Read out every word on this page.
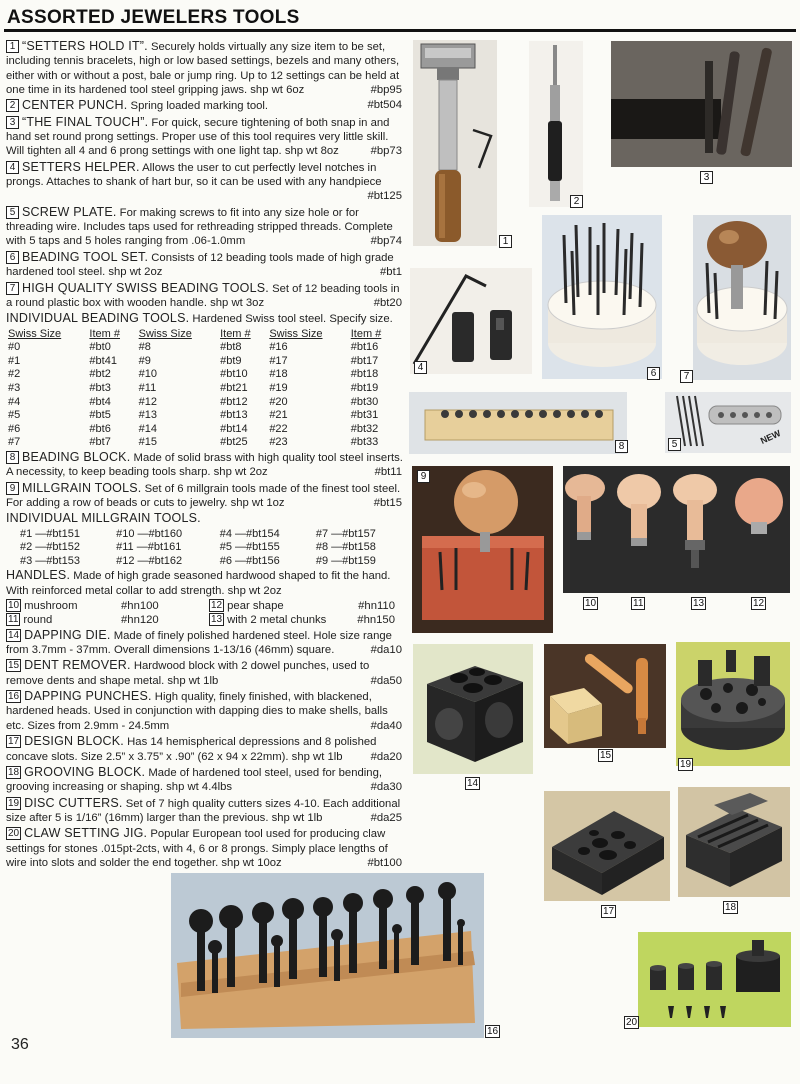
ASSORTED JEWELERS TOOLS
1 “SETTERS HOLD IT”. Securely holds virtually any size item to be set, including tennis bracelets, high or low based settings, bezels and many others, either with or without a post, bale or jump ring. Up to 12 settings can be held at one time in its hardened tool steel gripping jaws. shp wt 6oz	#bp95
2 CENTER PUNCH. Spring loaded marking tool.	#bt504
3 “THE FINAL TOUCH”. For quick, secure tightening of both snap in and hand set round prong settings. Proper use of this tool requires very little skill. Will tighten all 4 and 6 prong settings with one light tap. shp wt 8oz	#bp73
4 SETTERS HELPER. Allows the user to cut perfectly level notches in prongs. Attaches to shank of hart bur, so it can be used with any handpiece
#bt125
5 SCREW PLATE. For making screws to fit into any size hole or for threading wire. Includes taps used for rethreading stripped threads. Complete with 5 taps and 5 holes ranging from .06-1.0mm	#bp74
6 BEADING TOOL SET. Consists of 12 beading tools made of high grade hardened tool steel. shp wt 2oz	#bt1
7 HIGH QUALITY SWISS BEADING TOOLS. Set of 12 beading tools in a round plastic box with wooden handle. shp wt 3oz	#bt20
INDIVIDUAL BEADING TOOLS. Hardened Swiss tool steel. Specify size.
Swiss Size	Item #	Swiss Size	Item #	Swiss Size	Item #
#0	#bt0	#8	#bt8	#16	#bt16
#1	#bt41	#9	#bt9	#17	#bt17
#2	#bt2	#10	#bt10	#18	#bt18
#3	#bt3	#11	#bt21	#19	#bt19
#4	#bt4	#12	#bt12	#20	#bt30
#5	#bt5	#13	#bt13	#21	#bt31
#6	#bt6	#14	#bt14	#22	#bt32
#7	#bt7	#15	#bt25	#23	#bt33
8 BEADING BLOCK. Made of solid brass with high quality tool steel inserts. A necessity, to keep beading tools sharp. shp wt 2oz	#bt11
9 MILLGRAIN TOOLS. Set of 6 millgrain tools made of the finest tool steel. For adding a row of beads or cuts to jewelry. shp wt 1oz	#bt15
INDIVIDUAL MILLGRAIN TOOLS.
#1 —#bt151	#10 —#bt160	#4 —#bt154	#7 —#bt157
#2 —#bt152	#11 —#bt161	#5 —#bt155	#8 —#bt158
#3 —#bt153	#12 —#bt162	#6 —#bt156	#9 —#bt159
HANDLES. Made of high grade seasoned hardwood shaped to fit the hand. With reinforced metal collar to add strength. shp wt 2oz
10 mushroom	#hn100	12 pear shape	#hn110
11 round	#hn120	13 with 2 metal chunks	#hn150
14 DAPPING DIE. Made of finely polished hardened steel. Hole size range from 3.7mm - 37mm. Overall dimensions 1-13/16 (46mm) square.	#da10
15 DENT REMOVER. Hardwood block with 2 dowel punches, used to remove dents and shape metal. shp wt 1lb	#da50
16 DAPPING PUNCHES. High quality, finely finished, with blackened, hardened heads. Used in conjunction with dapping dies to make shells, balls etc. Sizes from 2.9mm - 24.5mm	#da40
17 DESIGN BLOCK. Has 14 hemispherical depressions and 8 polished concave slots. Size 2.5” x 3.75” x .90” (62 x 94 x 22mm). shp wt 1lb #da20
18 GROOVING BLOCK. Made of hardened tool steel, used for bending, grooving increasing or shaping. shp wt 4.4lbs	#da30
19 DISC CUTTERS. Set of 7 high quality cutters sizes 4-10. Each additional size after 5 is 1/16” (16mm) larger than the previous. shp wt 1lb	#da25
20 CLAW SETTING JIG. Popular European tool used for producing claw settings for stones .015pt-2cts, with 4, 6 or 8 prongs. Simply place lengths of wire into slots and solder the end together. shp wt 10oz	#bt100
1
2
3
4
6	7
8
NEW
5
9
10	11	13	12
14
15
19
17	18
16
20
36
